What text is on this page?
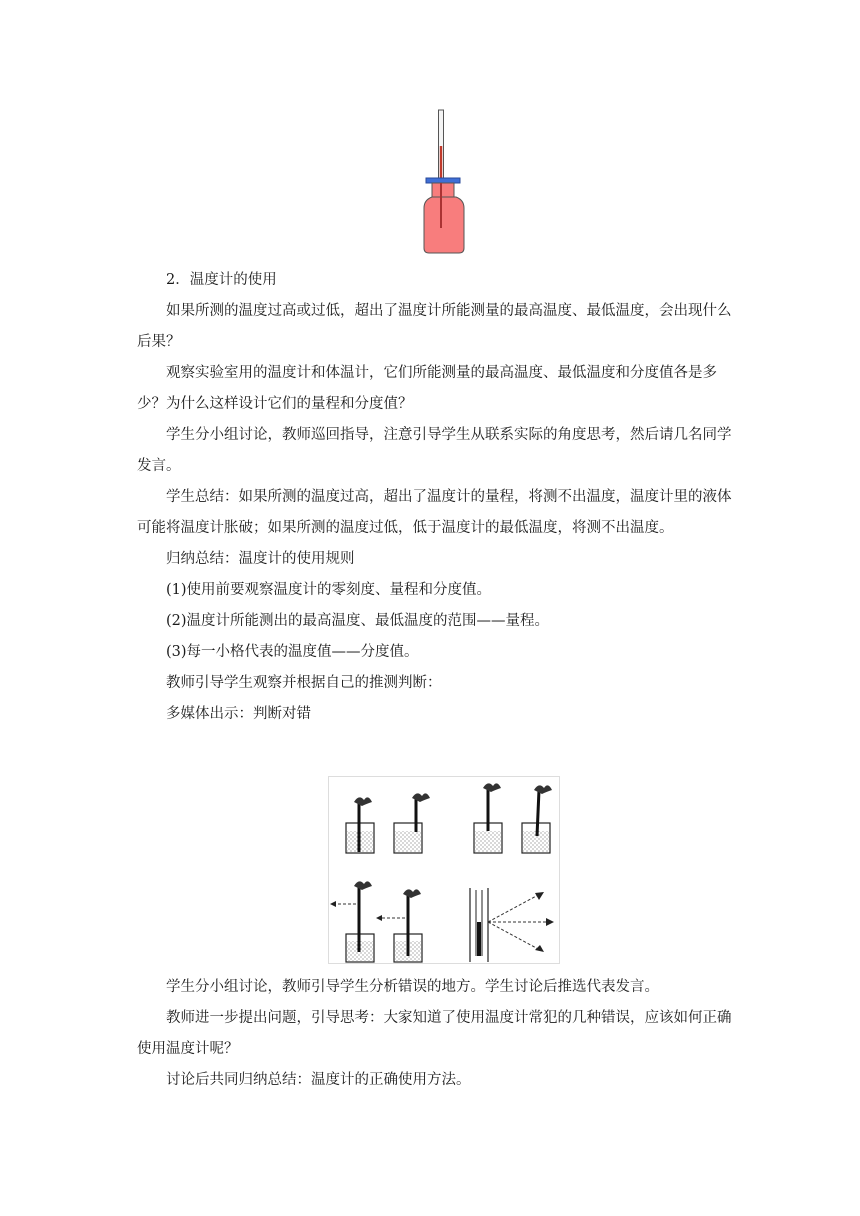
2．温度计的使用

如果所测的温度过高或过低，超出了温度计所能测量的最高温度、最低温度，会出现什么后果？

观察实验室用的温度计和体温计，它们所能测量的最高温度、最低温度和分度值各是多少？为什么这样设计它们的量程和分度值？

学生分小组讨论，教师巡回指导，注意引导学生从联系实际的角度思考，然后请几名同学发言。

学生总结：如果所测的温度过高，超出了温度计的量程，将测不出温度，温度计里的液体可能将温度计胀破；如果所测的温度过低，低于温度计的最低温度，将测不出温度。

归纳总结：温度计的使用规则

(1)使用前要观察温度计的零刻度、量程和分度值。

(2)温度计所能测出的最高温度、最低温度的范围——量程。

(3)每一小格代表的温度值——分度值。

教师引导学生观察并根据自己的推测判断：

多媒体出示：判断对错

学生分小组讨论，教师引导学生分析错误的地方。学生讨论后推选代表发言。

教师进一步提出问题，引导思考：大家知道了使用温度计常犯的几种错误，应该如何正确使用温度计呢？

讨论后共同归纳总结：温度计的正确使用方法。
